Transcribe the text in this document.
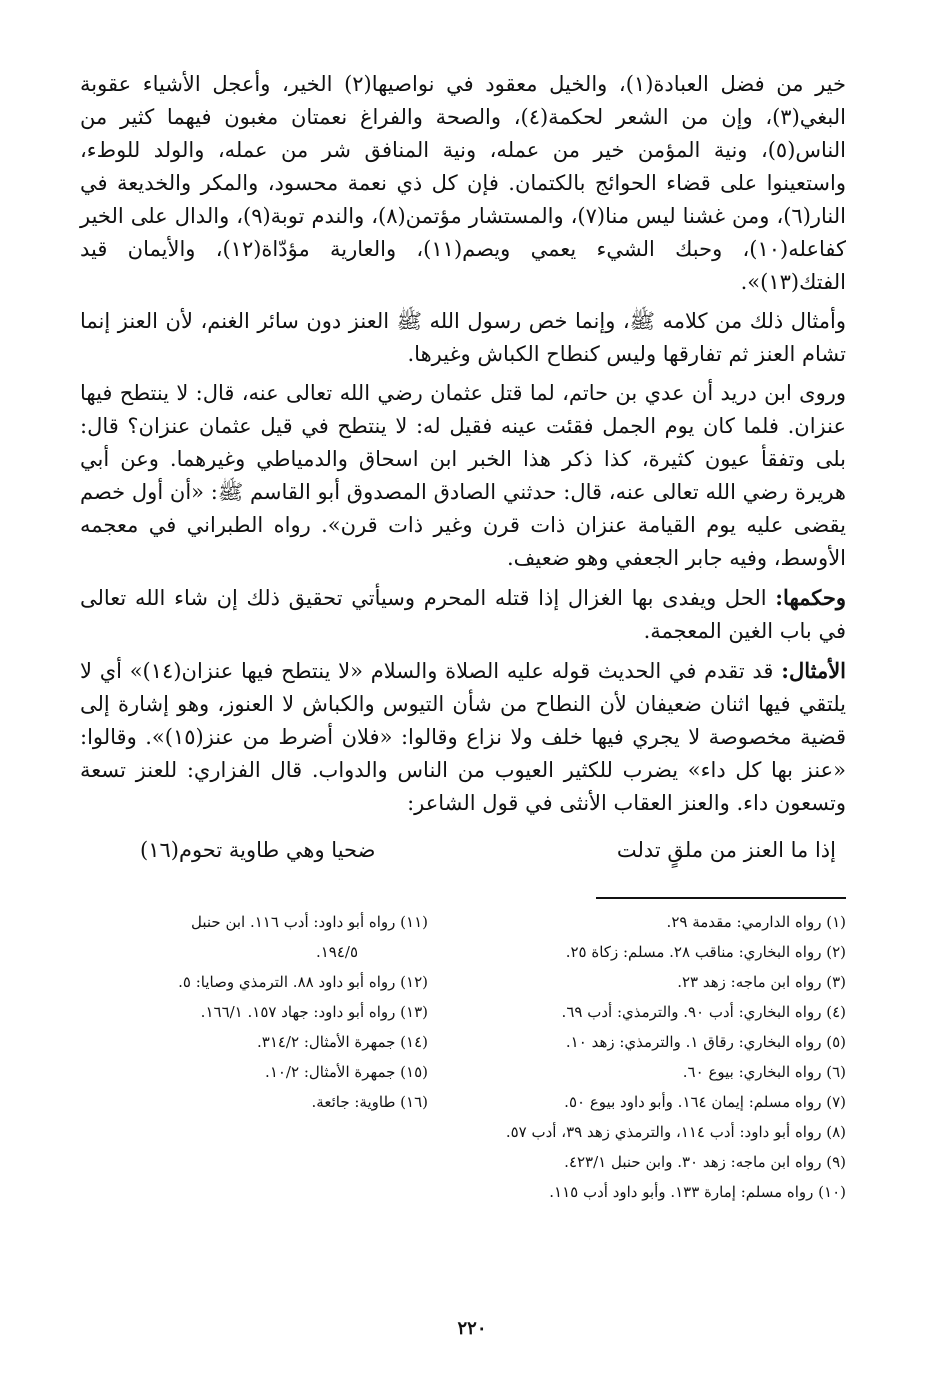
خير من فضل العبادة(١)، والخيل معقود في نواصيها(٢) الخير، وأعجل الأشياء عقوبة البغي(٣)، وإن من الشعر لحكمة(٤)، والصحة والفراغ نعمتان مغبون فيهما كثير من الناس(٥)، ونية المؤمن خير من عمله، ونية المنافق شر من عمله، والولد للوطء، واستعينوا على قضاء الحوائج بالكتمان. فإن كل ذي نعمة محسود، والمكر والخديعة في النار(٦)، ومن غشنا ليس منا(٧)، والمستشار مؤتمن(٨)، والندم توبة(٩)، والدال على الخير كفاعله(١٠)، وحبك الشيء يعمي ويصم(١١)، والعارية مؤدّاة(١٢)، والأيمان قيد الفتك(١٣)».

وأمثال ذلك من كلامه ﷺ، وإنما خص رسول الله ﷺ العنز دون سائر الغنم، لأن العنز إنما تشام العنز ثم تفارقها وليس كنطاح الكباش وغيرها.

وروى ابن دريد أن عدي بن حاتم، لما قتل عثمان رضي الله تعالى عنه، قال: لا ينتطح فيها عنزان. فلما كان يوم الجمل فقئت عينه فقيل له: لا ينتطح في قيل عثمان عنزان؟ قال: بلى وتفقأ عيون كثيرة، كذا ذكر هذا الخبر ابن اسحاق والدمياطي وغيرهما. وعن أبي هريرة رضي الله تعالى عنه، قال: حدثني الصادق المصدوق أبو القاسم ﷺ: «أن أول خصم يقضى عليه يوم القيامة عنزان ذات قرن وغير ذات قرن». رواه الطبراني في معجمه الأوسط، وفيه جابر الجعفي وهو ضعيف.

وحكمها: الحل ويفدى بها الغزال إذا قتله المحرم وسيأتي تحقيق ذلك إن شاء الله تعالى في باب الغين المعجمة.

الأمثال: قد تقدم في الحديث قوله عليه الصلاة والسلام «لا ينتطح فيها عنزان(١٤)» أي لا يلتقي فيها اثنان ضعيفان لأن النطاح من شأن التيوس والكباش لا العنوز، وهو إشارة إلى قضية مخصوصة لا يجري فيها خلف ولا نزاع وقالوا: «فلان أضرط من عنز(١٥)». وقالوا: «عنز بها كل داء» يضرب للكثير العيوب من الناس والدواب. قال الفزاري: للعنز تسعة وتسعون داء. والعنز العقاب الأنثى في قول الشاعر:

إذا ما العنز من ملقٍ تدلت
ضحيا وهي طاوية تحوم(١٦)
(١) رواه الدارمي: مقدمة ٢٩.
(٢) رواه البخاري: مناقب ٢٨. مسلم: زكاة ٢٥.
(٣) رواه ابن ماجه: زهد ٢٣.
(٤) رواه البخاري: أدب ٩٠. والترمذي: أدب ٦٩.
(٥) رواه البخاري: رقاق ١. والترمذي: زهد ١٠.
(٦) رواه البخاري: بيوع ٦٠.
(٧) رواه مسلم: إيمان ١٦٤. وأبو داود بيوع ٥٠.
(٨) رواه أبو داود: أدب ١١٤، والترمذي زهد ٣٩، أدب ٥٧.
(٩) رواه ابن ماجه: زهد ٣٠. وابن حنبل ٤٢٣/١.
(١٠) رواه مسلم: إمارة ١٣٣. وأبو داود أدب ١١٥.
(١١) رواه أبو داود: أدب ١١٦. ابن حنبل
١٩٤/٥.
(١٢) رواه أبو داود ٨٨. الترمذي وصايا: ٥.
(١٣) رواه أبو داود: جهاد ١٥٧. ١٦٦/١.
(١٤) جمهرة الأمثال: ٣١٤/٢.
(١٥) جمهرة الأمثال: ١٠/٢.
(١٦) طاوية: جائعة.
٢٢٠
